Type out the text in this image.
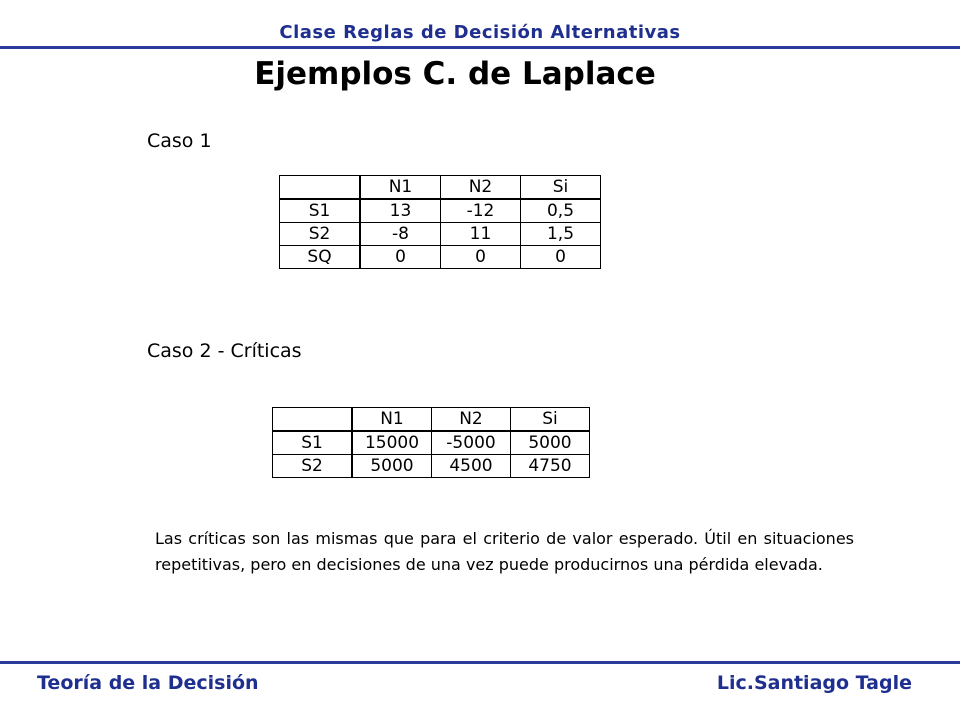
Clase Reglas de Decisión Alternativas
Ejemplos C. de Laplace
Caso 1
	N1	N2	Si
S1	13	-12	0,5
S2	-8	11	1,5
SQ	0	0	0
Caso 2 - Críticas
	N1	N2	Si
S1	15000	-5000	5000
S2	5000	4500	4750
Las críticas son las mismas que para el criterio de valor esperado. Útil en situaciones repetitivas, pero en decisiones de una vez puede producirnos una pérdida elevada.
Teoría de la Decisión	Lic.Santiago Tagle
